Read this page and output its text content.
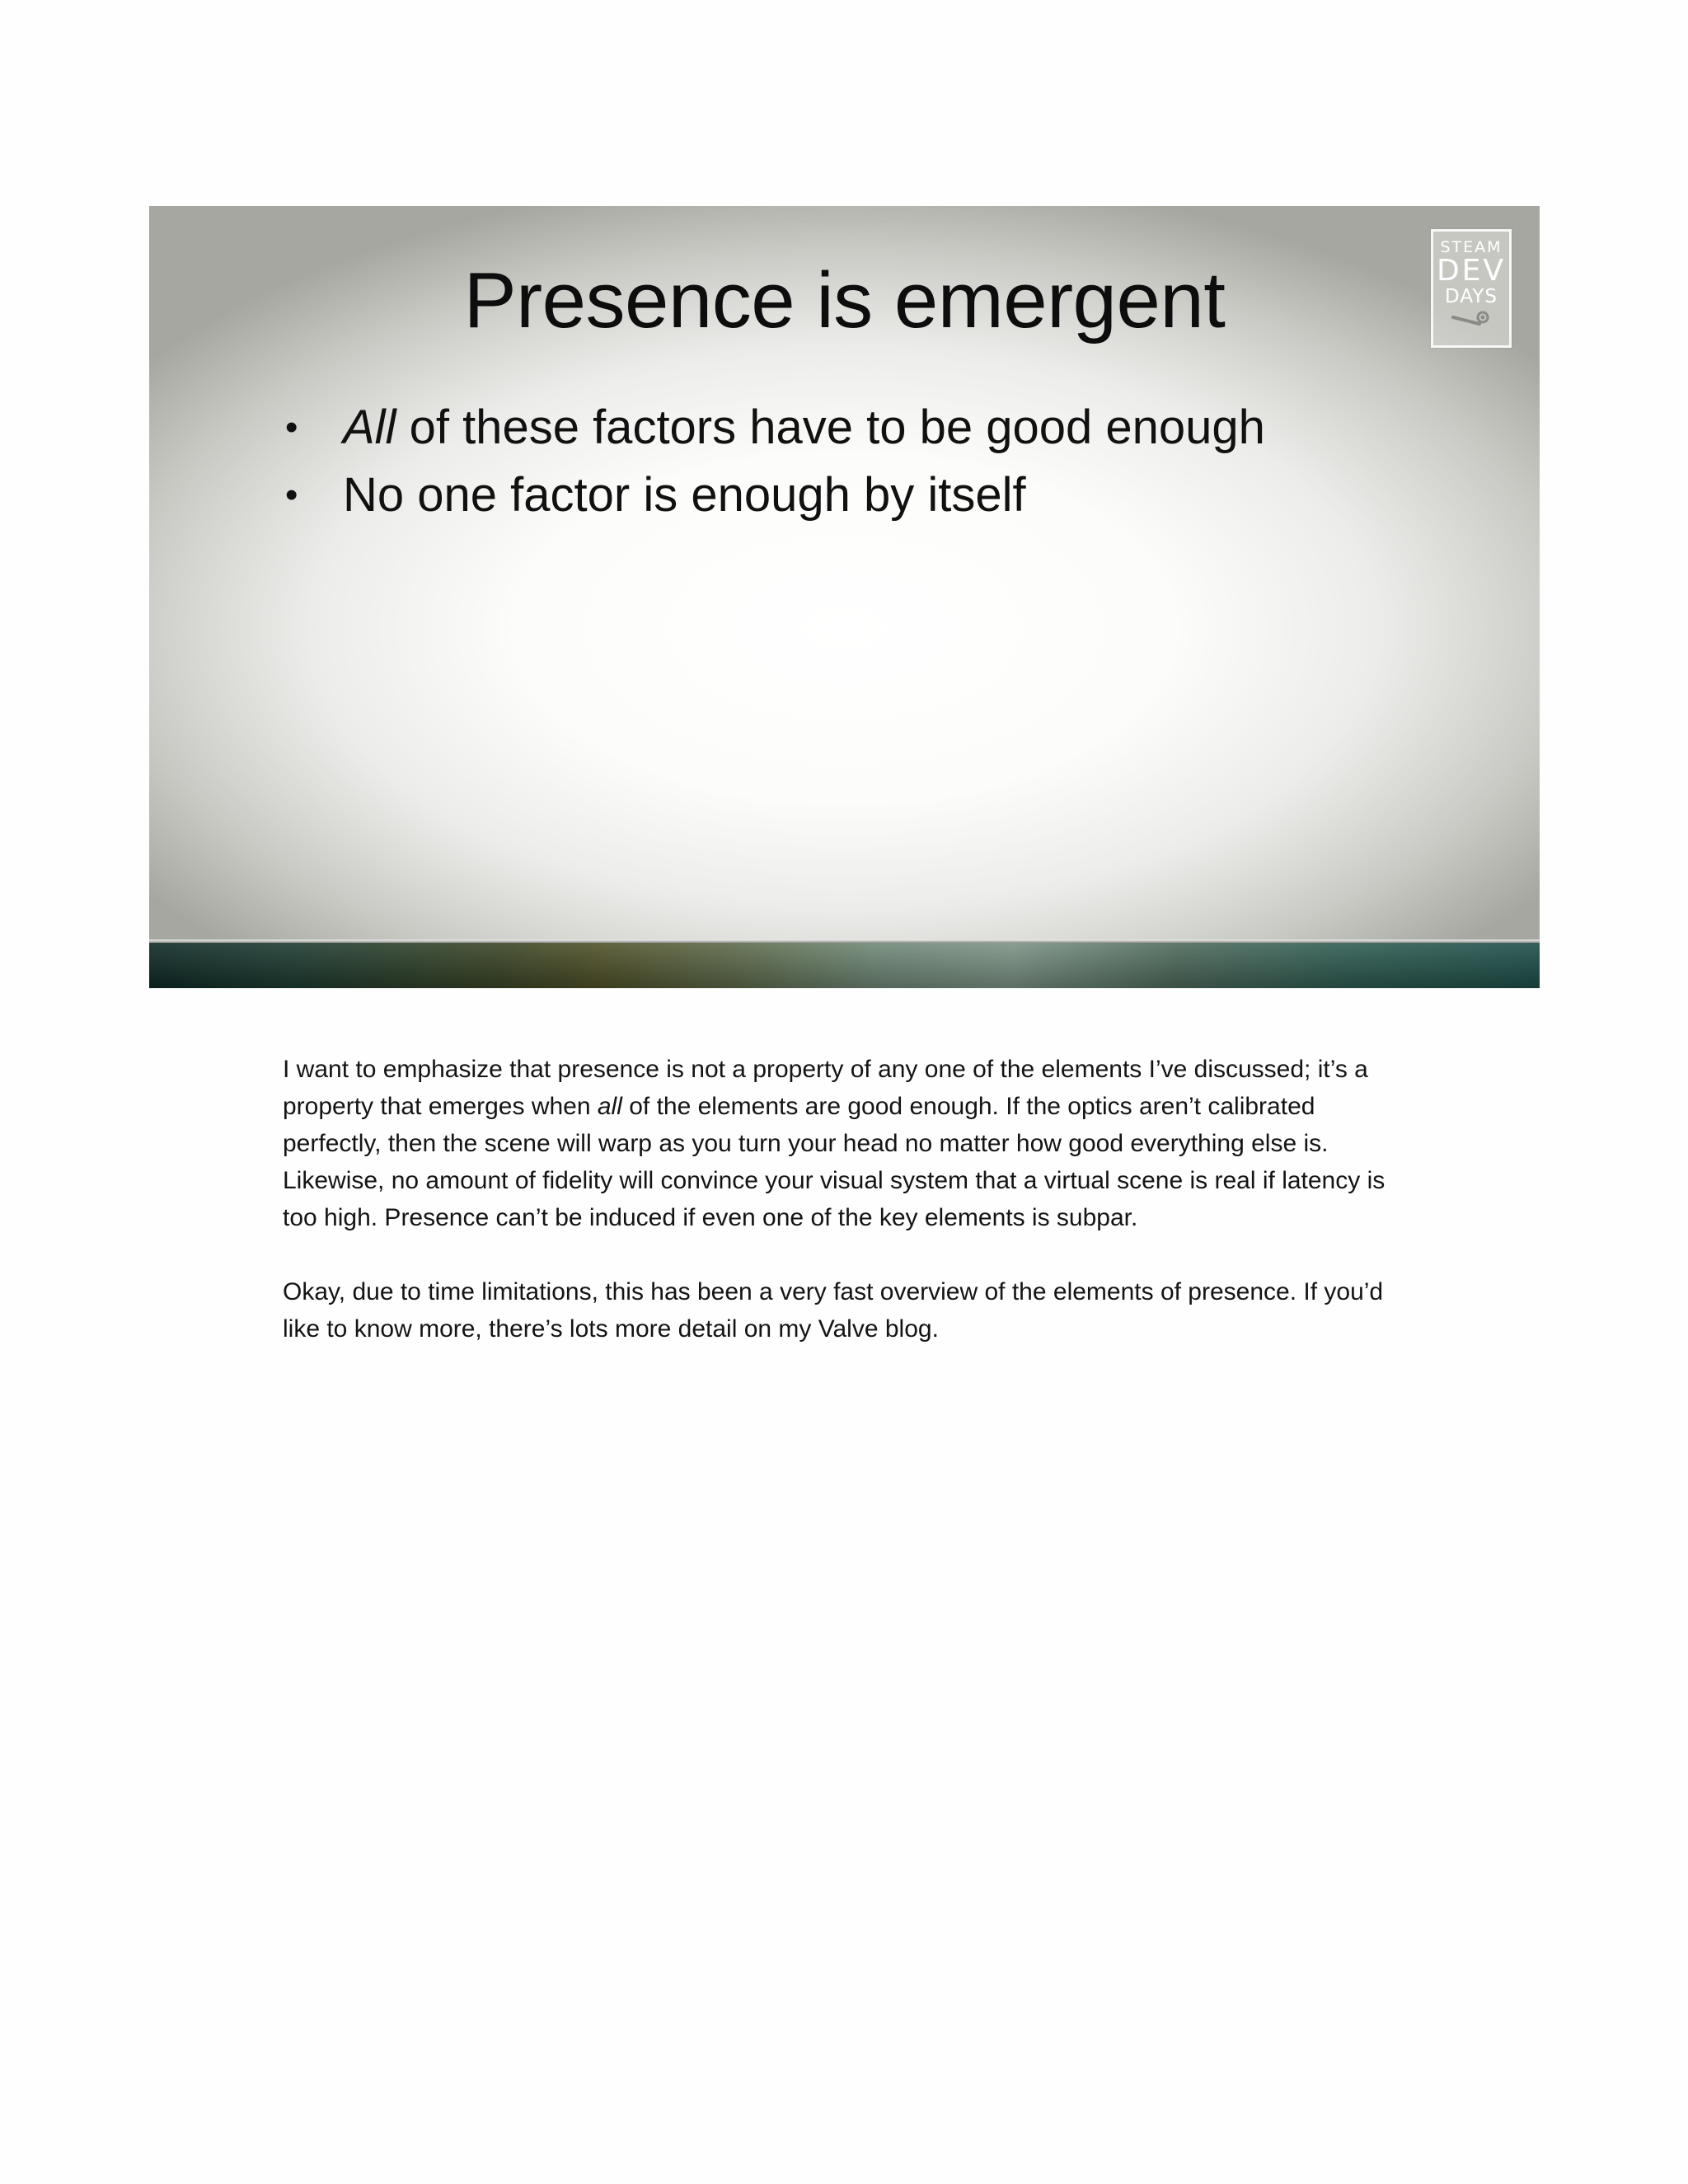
Presence is emergent
• All of these factors have to be good enough
• No one factor is enough by itself
STEAM
DEV
DAYS

I want to emphasize that presence is not a property of any one of the elements I’ve discussed; it’s a property that emerges when all of the elements are good enough. If the optics aren’t calibrated perfectly, then the scene will warp as you turn your head no matter how good everything else is. Likewise, no amount of fidelity will convince your visual system that a virtual scene is real if latency is too high. Presence can’t be induced if even one of the key elements is subpar.

Okay, due to time limitations, this has been a very fast overview of the elements of presence. If you’d like to know more, there’s lots more detail on my Valve blog.
